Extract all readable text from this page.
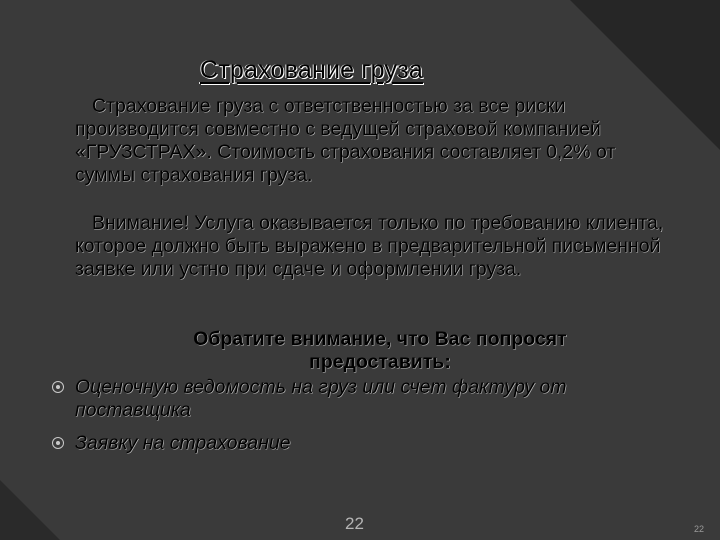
Страхование груза

Страхование груза с ответственностью за все риски производится совместно с ведущей страховой компанией «ГРУЗСТРАХ». Стоимость страхования составляет 0,2% от суммы страхования груза.

Внимание! Услуга оказывается только по требованию клиента, которое должно быть выражено в предварительной письменной заявке или устно при сдаче и оформлении груза.

Обратите внимание, что Вас попросят предоставить:

Оценочную ведомость на груз или счет фактуру от поставщика
Заявку на страхование
22	22
